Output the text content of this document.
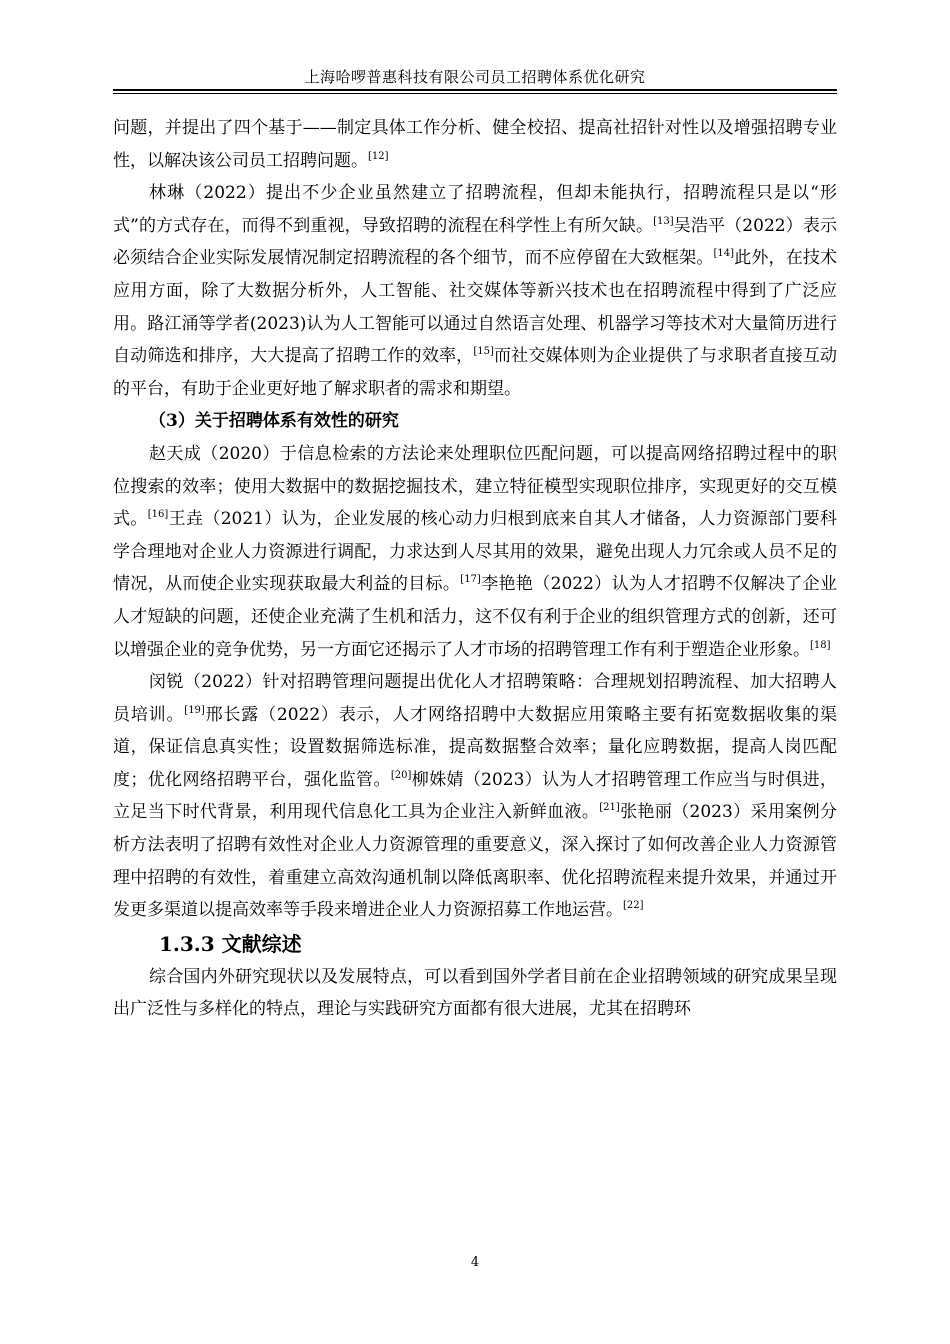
上海哈啰普惠科技有限公司员工招聘体系优化研究

问题，并提出了四个基于——制定具体工作分析、健全校招、提高社招针对性以及增强招聘专业性，以解决该公司员工招聘问题。[12]

林琳（2022）提出不少企业虽然建立了招聘流程，但却未能执行，招聘流程只是以“形式”的方式存在，而得不到重视，导致招聘的流程在科学性上有所欠缺。[13]吴浩平（2022）表示必须结合企业实际发展情况制定招聘流程的各个细节，而不应停留在大致框架。[14]此外，在技术应用方面，除了大数据分析外，人工智能、社交媒体等新兴技术也在招聘流程中得到了广泛应用。路江涌等学者(2023)认为人工智能可以通过自然语言处理、机器学习等技术对大量简历进行自动筛选和排序，大大提高了招聘工作的效率，[15]而社交媒体则为企业提供了与求职者直接互动的平台，有助于企业更好地了解求职者的需求和期望。

（3）关于招聘体系有效性的研究

赵天成（2020）于信息检索的方法论来处理职位匹配问题，可以提高网络招聘过程中的职位搜索的效率；使用大数据中的数据挖掘技术，建立特征模型实现职位排序，实现更好的交互模式。[16]王垚（2021）认为，企业发展的核心动力归根到底来自其人才储备，人力资源部门要科学合理地对企业人力资源进行调配，力求达到人尽其用的效果，避免出现人力冗余或人员不足的情况，从而使企业实现获取最大利益的目标。[17]李艳艳（2022）认为人才招聘不仅解决了企业人才短缺的问题，还使企业充满了生机和活力，这不仅有利于企业的组织管理方式的创新，还可以增强企业的竞争优势，另一方面它还揭示了人才市场的招聘管理工作有利于塑造企业形象。[18]

闵锐（2022）针对招聘管理问题提出优化人才招聘策略：合理规划招聘流程、加大招聘人员培训。[19]邢长露（2022）表示，人才网络招聘中大数据应用策略主要有拓宽数据收集的渠道，保证信息真实性；设置数据筛选标准，提高数据整合效率；量化应聘数据，提高人岗匹配度；优化网络招聘平台，强化监管。[20]柳姝婧（2023）认为人才招聘管理工作应当与时俱进，立足当下时代背景，利用现代信息化工具为企业注入新鲜血液。[21]张艳丽（2023）采用案例分析方法表明了招聘有效性对企业人力资源管理的重要意义，深入探讨了如何改善企业人力资源管理中招聘的有效性，着重建立高效沟通机制以降低离职率、优化招聘流程来提升效果，并通过开发更多渠道以提高效率等手段来增进企业人力资源招募工作地运营。[22]

1.3.3 文献综述

综合国内外研究现状以及发展特点，可以看到国外学者目前在企业招聘领域的研究成果呈现出广泛性与多样化的特点，理论与实践研究方面都有很大进展，尤其在招聘环

4
